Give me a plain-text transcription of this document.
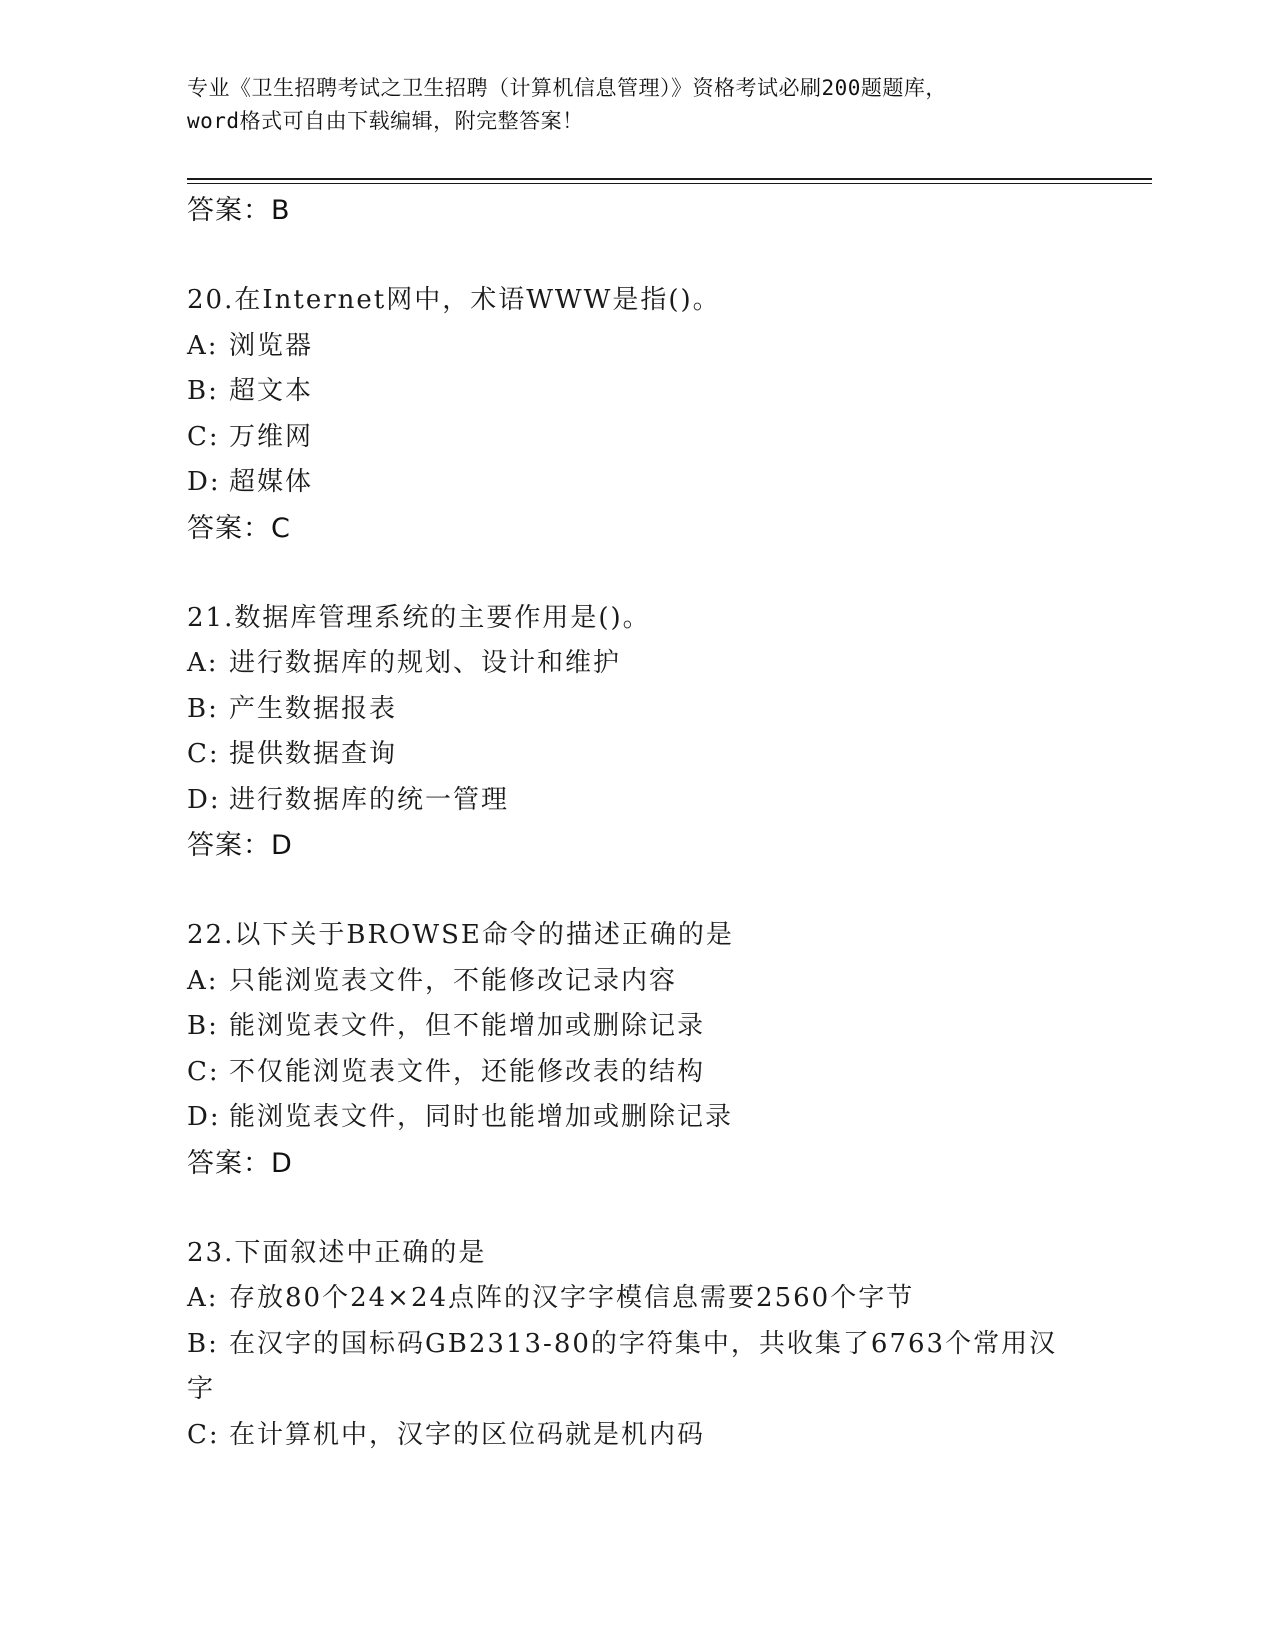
专业《卫生招聘考试之卫生招聘（计算机信息管理）》资格考试必刷200题题库，
word格式可自由下载编辑，附完整答案！
答案：B
20.在Internet网中，术语WWW是指()。
A: 浏览器
B: 超文本
C: 万维网
D: 超媒体
答案：C
21.数据库管理系统的主要作用是()。
A: 进行数据库的规划、设计和维护
B: 产生数据报表
C: 提供数据查询
D: 进行数据库的统一管理
答案：D
22.以下关于BROWSE命令的描述正确的是
A: 只能浏览表文件，不能修改记录内容
B: 能浏览表文件，但不能增加或删除记录
C: 不仅能浏览表文件，还能修改表的结构
D: 能浏览表文件，同时也能增加或删除记录
答案：D
23.下面叙述中正确的是
A: 存放80个24×24点阵的汉字字模信息需要2560个字节
B: 在汉字的国标码GB2313-80的字符集中，共收集了6763个常用汉字
C: 在计算机中，汉字的区位码就是机内码
